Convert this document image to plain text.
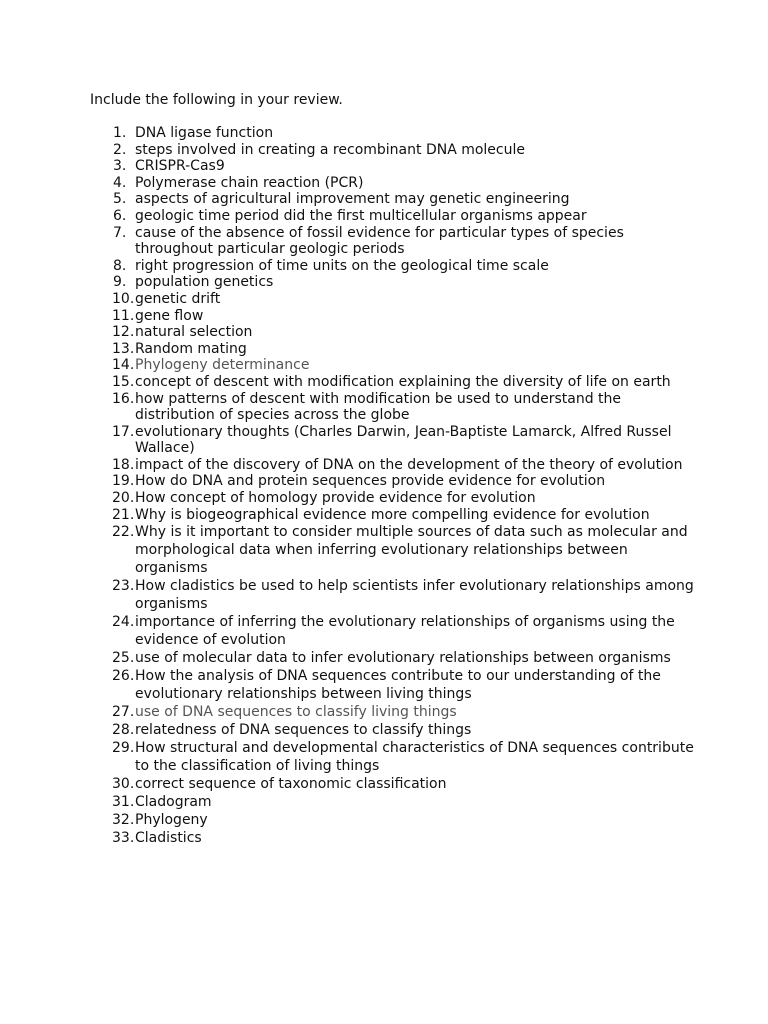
Include the following in your review.

1. DNA ligase function
2. steps involved in creating a recombinant DNA molecule
3. CRISPR-Cas9
4. Polymerase chain reaction (PCR)
5. aspects of agricultural improvement may genetic engineering
6. geologic time period did the first multicellular organisms appear
7. cause of the absence of fossil evidence for particular types of species throughout particular geologic periods
8. right progression of time units on the geological time scale
9. population genetics
10. genetic drift
11. gene flow
12. natural selection
13. Random mating
14. Phylogeny determinance
15. concept of descent with modification explaining the diversity of life on earth
16. how patterns of descent with modification be used to understand the distribution of species across the globe
17. evolutionary thoughts (Charles Darwin, Jean-Baptiste Lamarck, Alfred Russel Wallace)
18. impact of the discovery of DNA on the development of the theory of evolution
19. How do DNA and protein sequences provide evidence for evolution
20. How concept of homology provide evidence for evolution
21. Why is biogeographical evidence more compelling evidence for evolution
22. Why is it important to consider multiple sources of data such as molecular and morphological data when inferring evolutionary relationships between organisms
23. How cladistics be used to help scientists infer evolutionary relationships among organisms
24. importance of inferring the evolutionary relationships of organisms using the evidence of evolution
25. use of molecular data to infer evolutionary relationships between organisms
26. How the analysis of DNA sequences contribute to our understanding of the evolutionary relationships between living things
27. use of DNA sequences to classify living things
28. relatedness of DNA sequences to classify things
29. How structural and developmental characteristics of DNA sequences contribute to the classification of living things
30. correct sequence of taxonomic classification
31. Cladogram
32. Phylogeny
33. Cladistics
